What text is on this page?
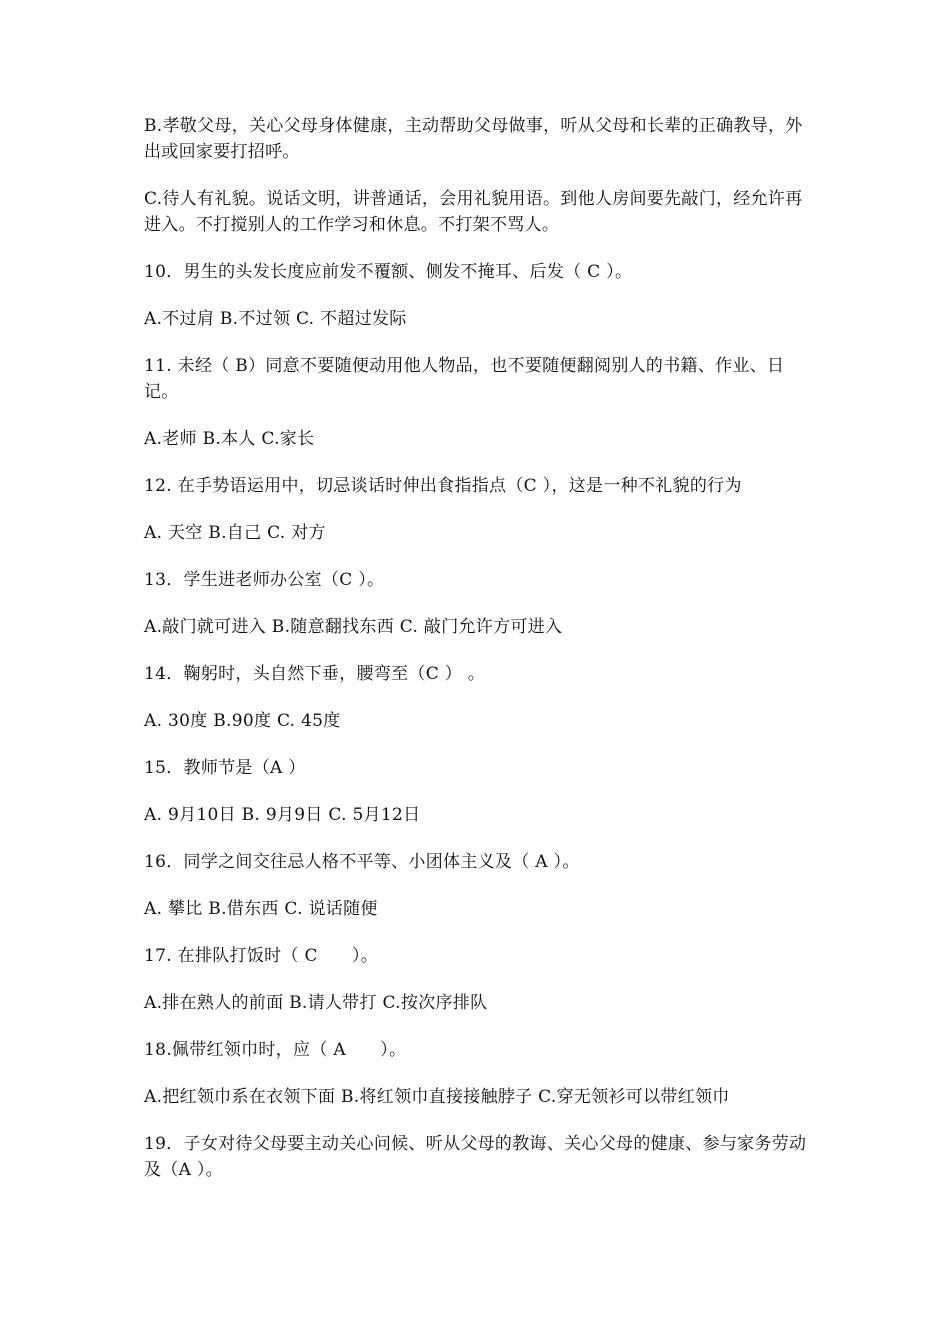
B.孝敬父母，关心父母身体健康，主动帮助父母做事，听从父母和长辈的正确教导，外出或回家要打招呼。

C.待人有礼貌。说话文明，讲普通话，会用礼貌用语。到他人房间要先敲门，经允许再进入。不打搅别人的工作学习和休息。不打架不骂人。

10．男生的头发长度应前发不覆额、侧发不掩耳、后发（ C ）。

A.不过肩 B.不过领 C. 不超过发际

11. 未经（ B）同意不要随便动用他人物品，也不要随便翻阅别人的书籍、作业、日记。

A.老师 B.本人 C.家长

12. 在手势语运用中，切忌谈话时伸出食指指点（C ），这是一种不礼貌的行为

A. 天空 B.自己 C. 对方

13．学生进老师办公室（C ）。

A.敲门就可进入 B.随意翻找东西 C. 敲门允许方可进入

14．鞠躬时，头自然下垂，腰弯至（C ） 。

A. 30度 B.90度 C. 45度

15．教师节是（A ）

A. 9月10日 B. 9月9日 C. 5月12日

16．同学之间交往忌人格不平等、小团体主义及（ A ）。

A. 攀比 B.借东西 C. 说话随便

17. 在排队打饭时（ C      ）。

A.排在熟人的前面 B.请人带打 C.按次序排队

18.佩带红领巾时，应（ A      ）。

A.把红领巾系在衣领下面 B.将红领巾直接接触脖子 C.穿无领衫可以带红领巾

19．子女对待父母要主动关心问候、听从父母的教诲、关心父母的健康、参与家务劳动及（A ）。
